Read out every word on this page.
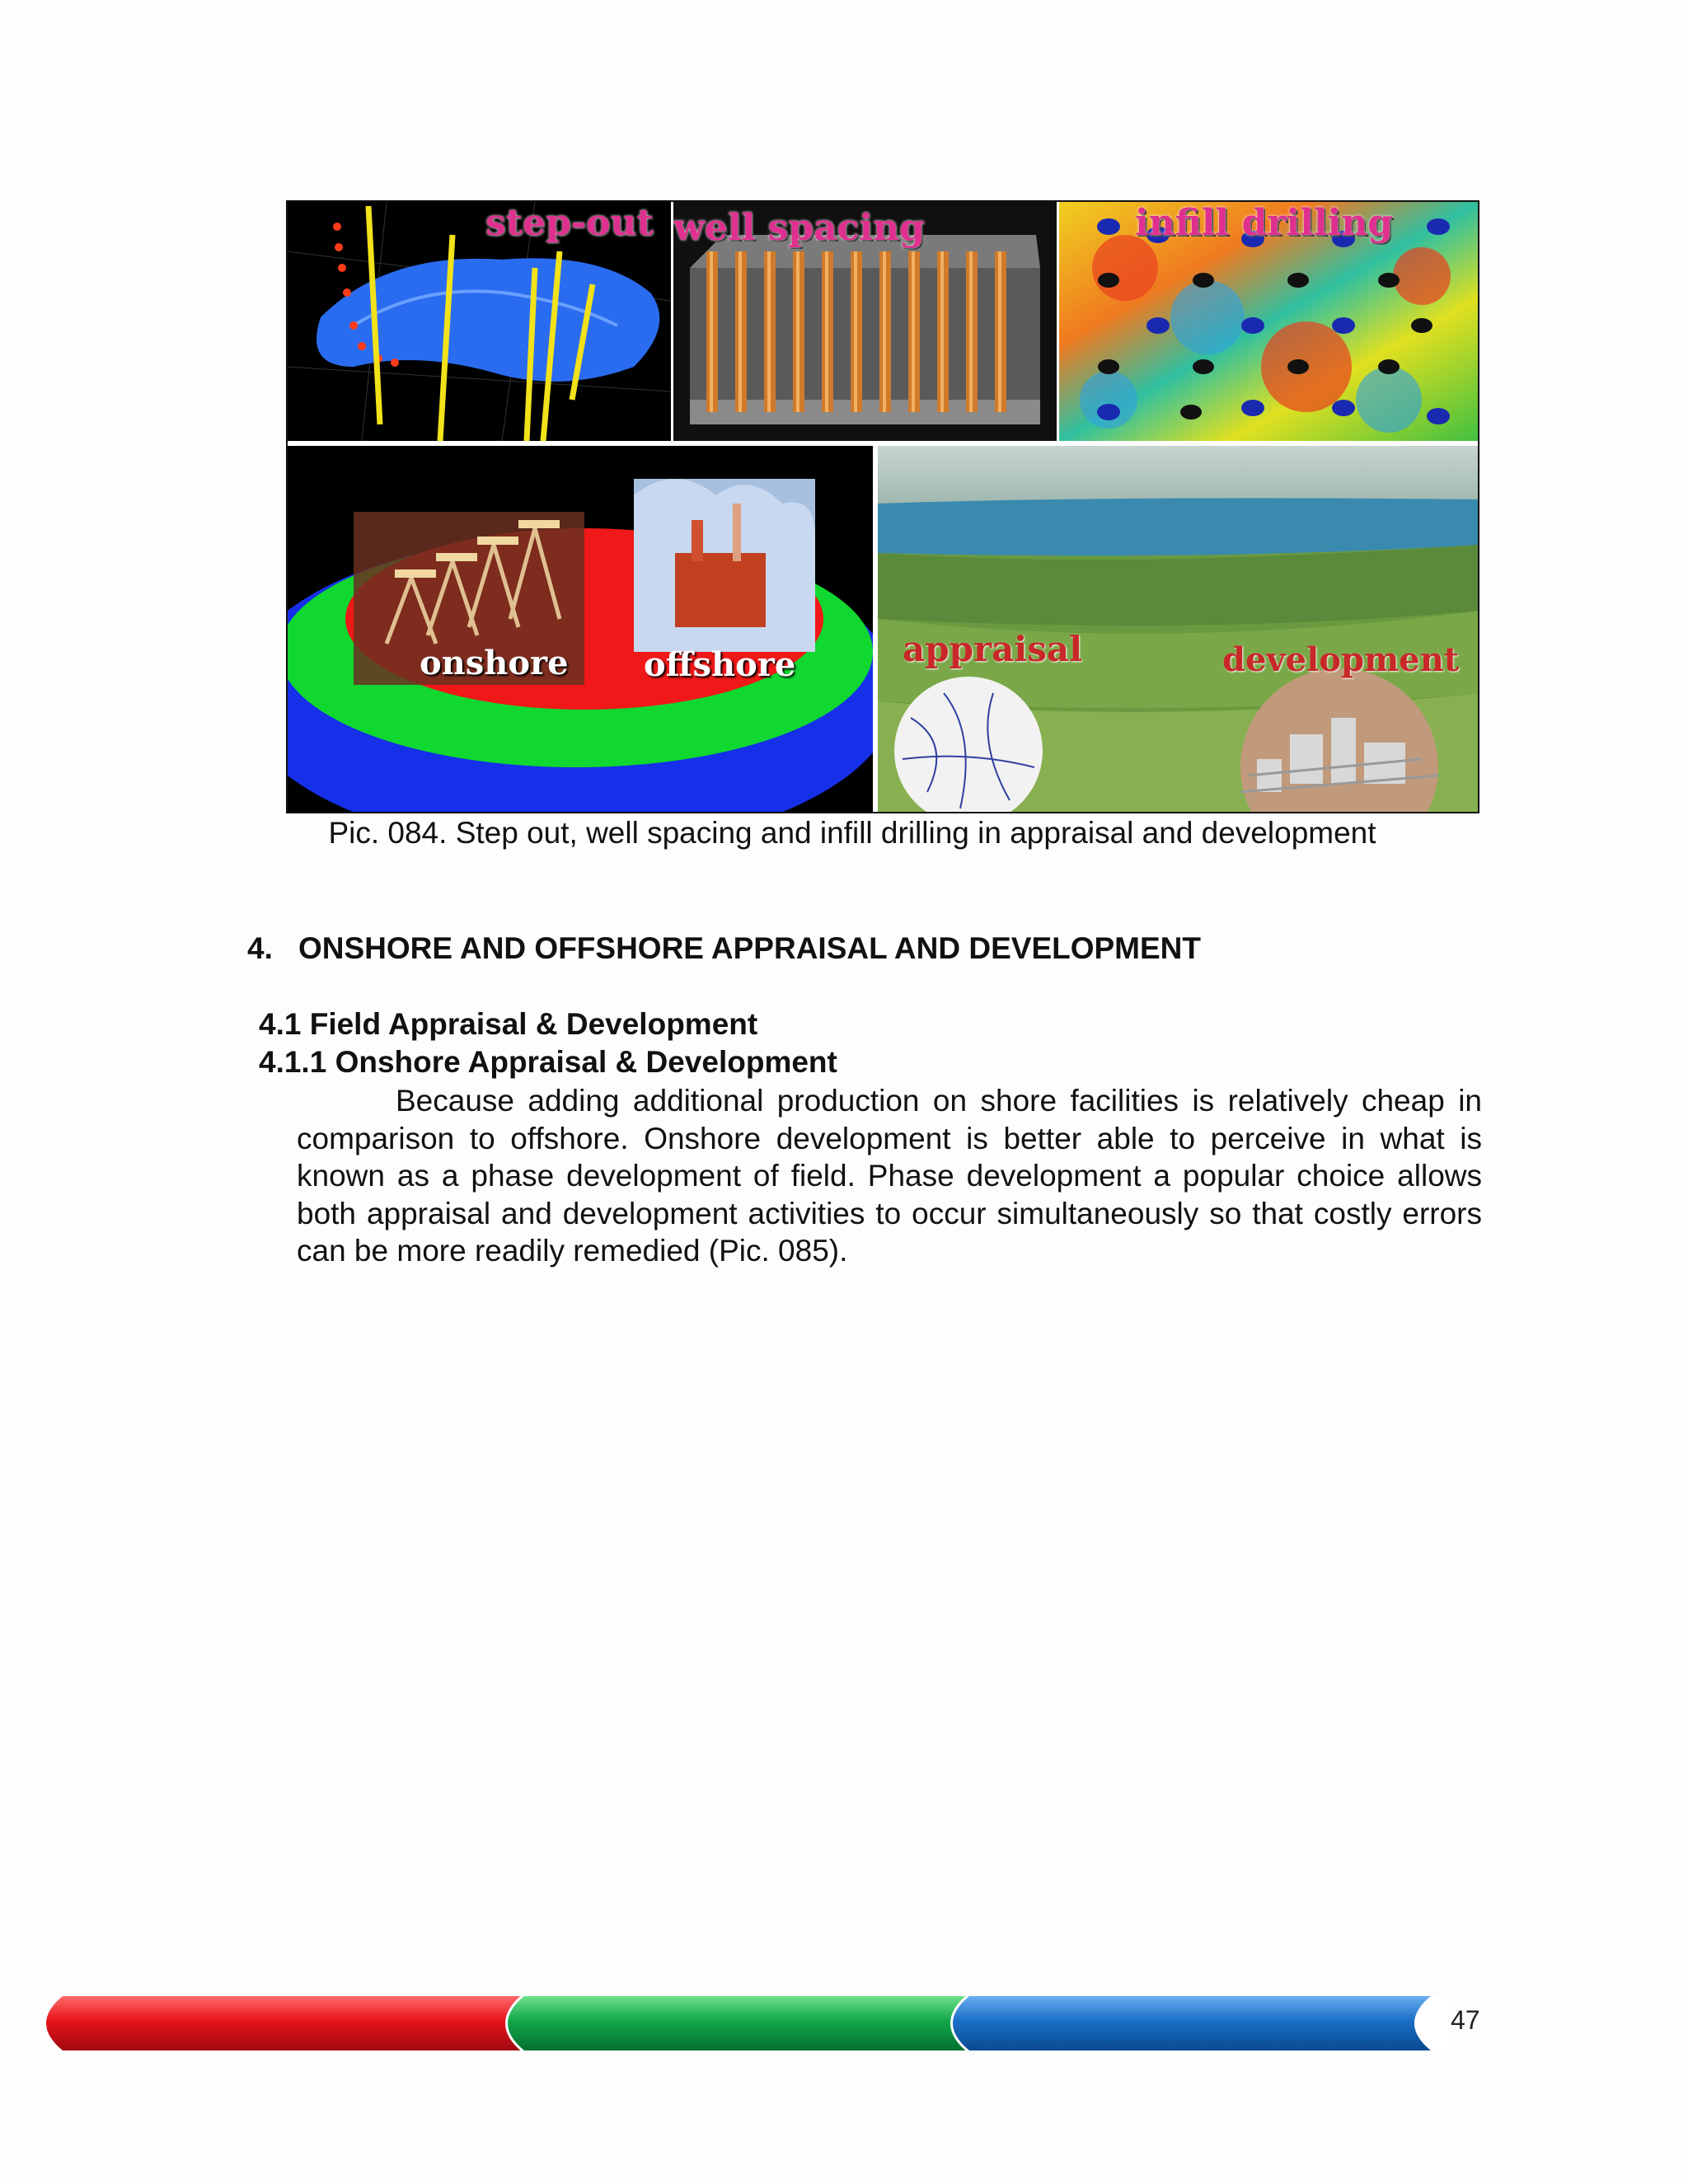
step-out well spacing	infill drilling
onshore offshore	appraisal	development
Pic. 084. Step out, well spacing and infill drilling in appraisal and development
4. ONSHORE AND OFFSHORE APPRAISAL AND DEVELOPMENT
4.1 Field Appraisal & Development
4.1.1 Onshore Appraisal & Development
Because adding additional production on shore facilities is relatively cheap in comparison to offshore. Onshore development is better able to perceive in what is known as a phase development of field. Phase development a popular choice allows both appraisal and development activities to occur simultaneously so that costly errors can be more readily remedied (Pic. 085).
47
